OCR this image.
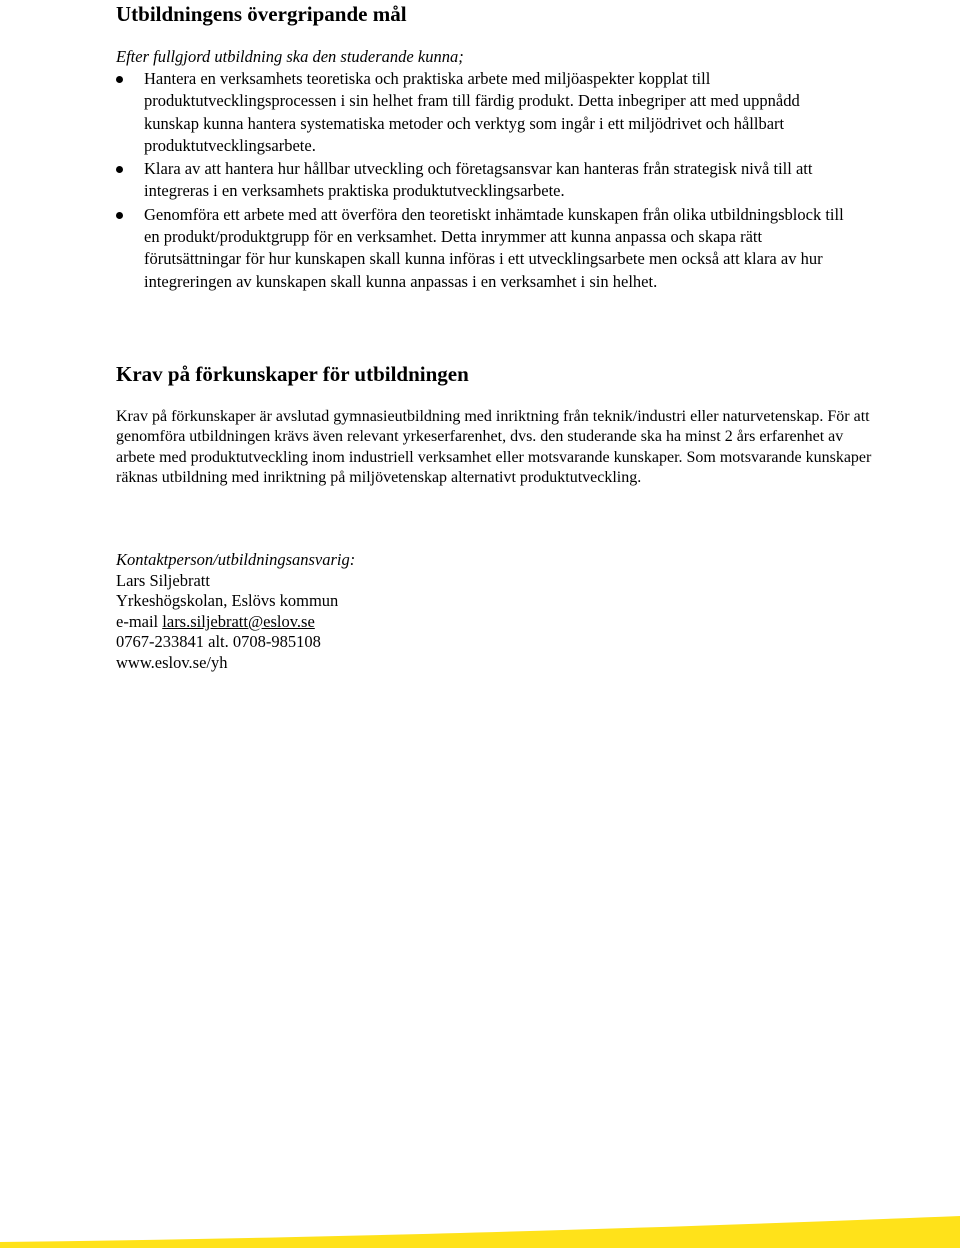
Utbildningens övergripande mål
Efter fullgjord utbildning ska den studerande kunna;
Hantera en verksamhets teoretiska och praktiska arbete med miljöaspekter kopplat till produktutvecklingsprocessen i sin helhet fram till färdig produkt. Detta inbegriper att med uppnådd kunskap kunna hantera systematiska metoder och verktyg som ingår i ett miljödrivet och hållbart produktutvecklingsarbete.
Klara av att hantera hur hållbar utveckling och företagsansvar kan hanteras från strategisk nivå till att integreras i en verksamhets praktiska produktutvecklingsarbete.
Genomföra ett arbete med att överföra den teoretiskt inhämtade kunskapen från olika utbildningsblock till en produkt/produktgrupp för en verksamhet. Detta inrymmer att kunna anpassa och skapa rätt förutsättningar för hur kunskapen skall kunna införas i ett utvecklingsarbete men också att klara av hur integreringen av kunskapen skall kunna anpassas i en verksamhet i sin helhet.
Krav på förkunskaper för utbildningen

Krav på förkunskaper är avslutad gymnasieutbildning med inriktning från teknik/industri eller naturvetenskap. För att genomföra utbildningen krävs även relevant yrkeserfarenhet, dvs. den studerande ska ha minst 2 års erfarenhet av arbete med produktutveckling inom industriell verksamhet eller motsvarande kunskaper. Som motsvarande kunskaper räknas utbildning med inriktning på miljövetenskap alternativt produktutveckling.

Kontaktperson/utbildningsansvarig:
Lars Siljebratt
Yrkeshögskolan, Eslövs kommun
e-mail lars.siljebratt@eslov.se
0767-233841 alt. 0708-985108
www.eslov.se/yh
